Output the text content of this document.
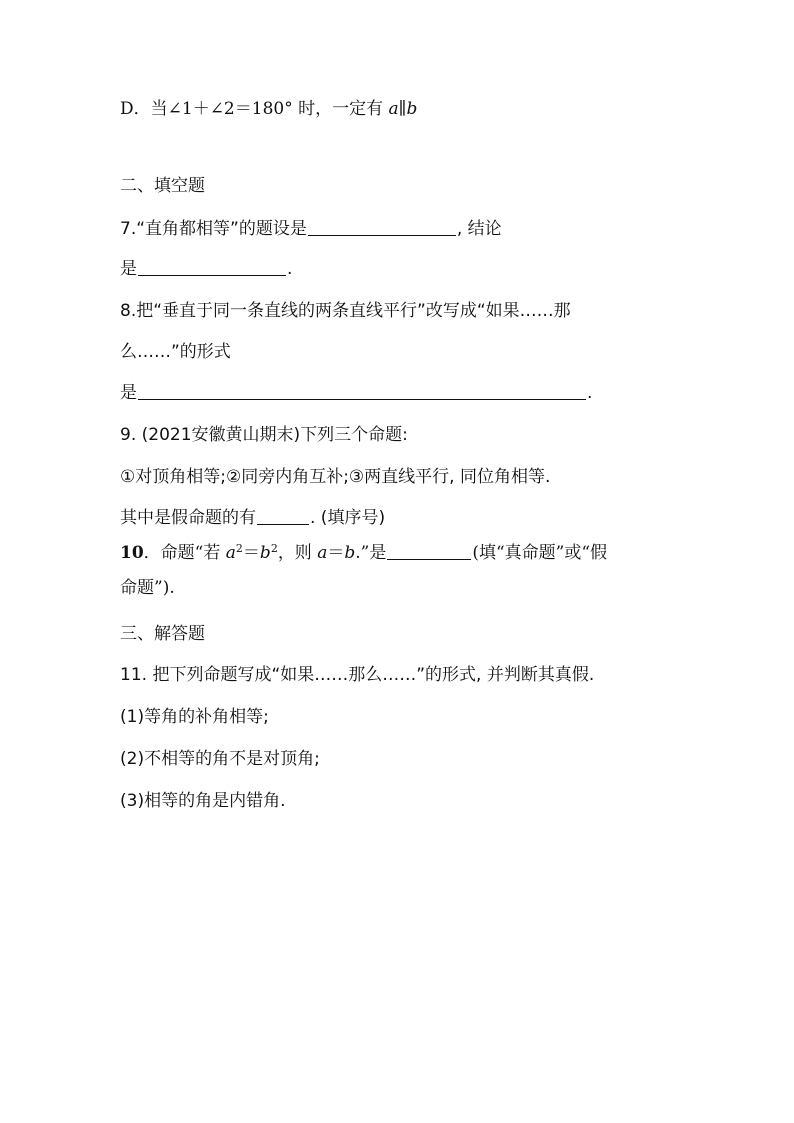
D．当∠1＋∠2＝180° 时，一定有 a∥b
二、填空题
7.“直角都相等”的题设是	, 结论
是	.
8.把“垂直于同一条直线的两条直线平行”改写成“如果……那
么……”的形式
是	.
9. (2021安徽黄山期末)下列三个命题:
①对顶角相等;②同旁内角互补;③两直线平行, 同位角相等.
其中是假命题的有	. (填序号)
10．命题“若 $a^2=b^2$，则 a＝b.”是	(填“真命题”或“假
命题”).
三、解答题
11. 把下列命题写成“如果……那么……”的形式, 并判断其真假.
(1)等角的补角相等;
(2)不相等的角不是对顶角;
(3)相等的角是内错角.
